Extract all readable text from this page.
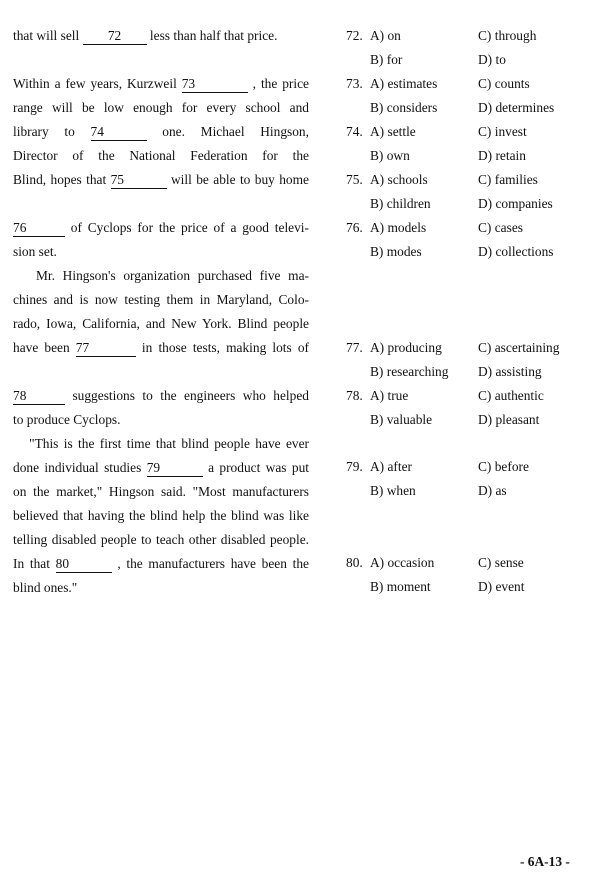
that will sell 72 less than half that price.
Within a few years, Kurzweil 73	, the price
range will be low enough for every school and
library to 74	one. Michael Hingson,
Director of the National Federation for the
Blind, hopes that 75	will be able to buy home
76	of Cyclops for the price of a good televi-
sion set.
Mr. Hingson's organization purchased five ma-
chines and is now testing them in Maryland, Colo-
rado, Iowa, California, and New York. Blind people
have been 77	in those tests, making lots of
78	suggestions to the engineers who helped
to produce Cyclops.
"This is the first time that blind people have ever
done individual studies 79	a product was put
on the market," Hingson said. "Most manufacturers
believed that having the blind help the blind was like
telling disabled people to teach other disabled people.
In that 80	, the manufacturers have been the
blind ones."
72. A) on	C) through
B) for	D) to
73. A) estimates	C) counts
B) considers	D) determines
74. A) settle	C) invest
B) own	D) retain
75. A) schools	C) families
B) children	D) companies
76. A) models	C) cases
B) modes	D) collections
77. A) producing	C) ascertaining
B) researching D) assisting
78. A) true	C) authentic
B) valuable	D) pleasant
79. A) after	C) before
B) when	D) as
80. A) occasion	C) sense
B) moment	D) event
- 6A-13 -
